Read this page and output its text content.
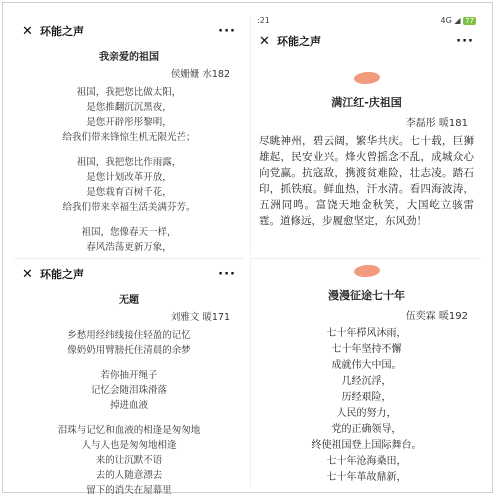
✕ 环能之声	···
我亲爱的祖国
侯姗姗 水182
祖国，我把您比做太阳，
是您推翻沉沉黑夜，
是您开辟彤彤黎明，
给我们带来锋惊生机无限光芒；
祖国，我把您比作雨露，
是您计划改革开放，
是您栽育百树千花，
给我们带来幸福生活美满芬芳。
祖国，您像春天一样，
春风浩荡更新万象，
:21	4G ◢ 77
✕ 环能之声	···
满江红-庆祖国
李磊彤 暖181
尽眺神州，碧云阔，繁华共庆。七十载，巨狮雄起，民安业兴。烽火曾摇念不乱，成城众心向党赢。抗寇敌，携渡贫难险，壮志凌。踏石印，抓铁痕。鲜血热，汗水清。看四海波涛，五洲同鸣。富饶天地金秋笑，大国屹立骇雷霆。道修远，步履愈坚定，东风劲！
✕ 环能之声	···
无题
刘雅文 暖171
乡愁用经纬线接住轻盈的记忆
像奶奶用臂膀托住清晨的余梦
若你抽开绳子
记忆会随泪珠滑落
掉进血液
泪珠与记忆和血液的相逢是匆匆地
人与人也是匆匆地相逢
来的让沉默不语
去的人随意漂去
留下的消失在屋幕里
漫漫征途七十年
伍奕霖 暖192
七十年栉风沐雨，
七十年坚持不懈
成就伟大中国。
几经沉浮，
历经艰险，
人民的努力，
党的正确领导，
终使祖国登上国际舞台。
七十年沧海桑田，
七十年革故鼎新，
